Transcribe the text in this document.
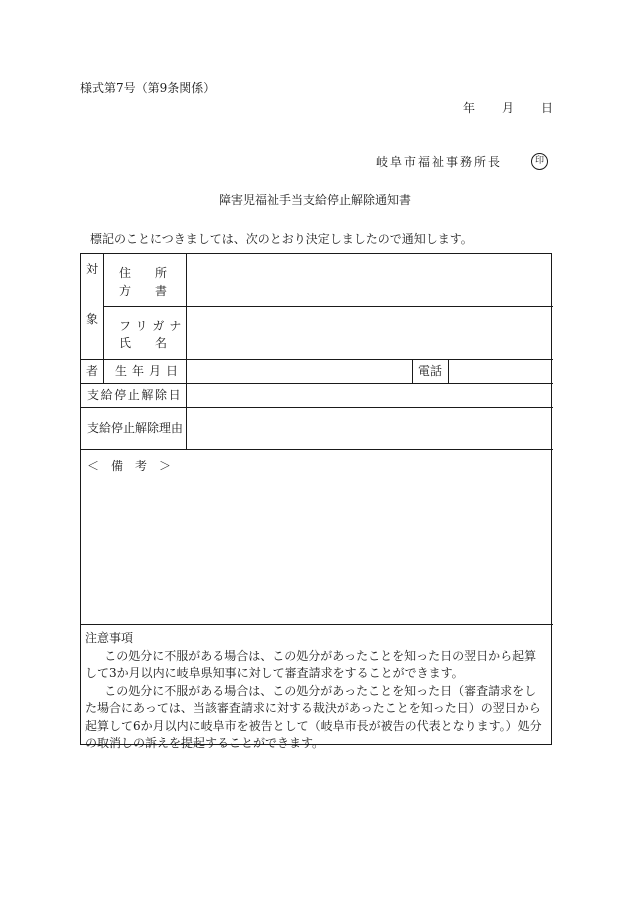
様式第7号（第9条関係）
年 月 日
岐阜市福祉事務所長	印
障害児福祉手当支給停止解除通知書
標記のことにつきましては、次のとおり決定しましたので通知します。
対
象
者
住　　所
方　　書
フリガナ
氏　　名
生年月日	電話
支給停止解除日
支給停止解除理由
＜　備　考　＞

注意事項

この処分に不服がある場合は、この処分があったことを知った日の翌日から起算して3か月以内に岐阜県知事に対して審査請求をすることができます。

この処分に不服がある場合は、この処分があったことを知った日（審査請求をした場合にあっては、当該審査請求に対する裁決があったことを知った日）の翌日から起算して6か月以内に岐阜市を被告として（岐阜市長が被告の代表となります。）処分の取消しの訴えを提起することができます。
